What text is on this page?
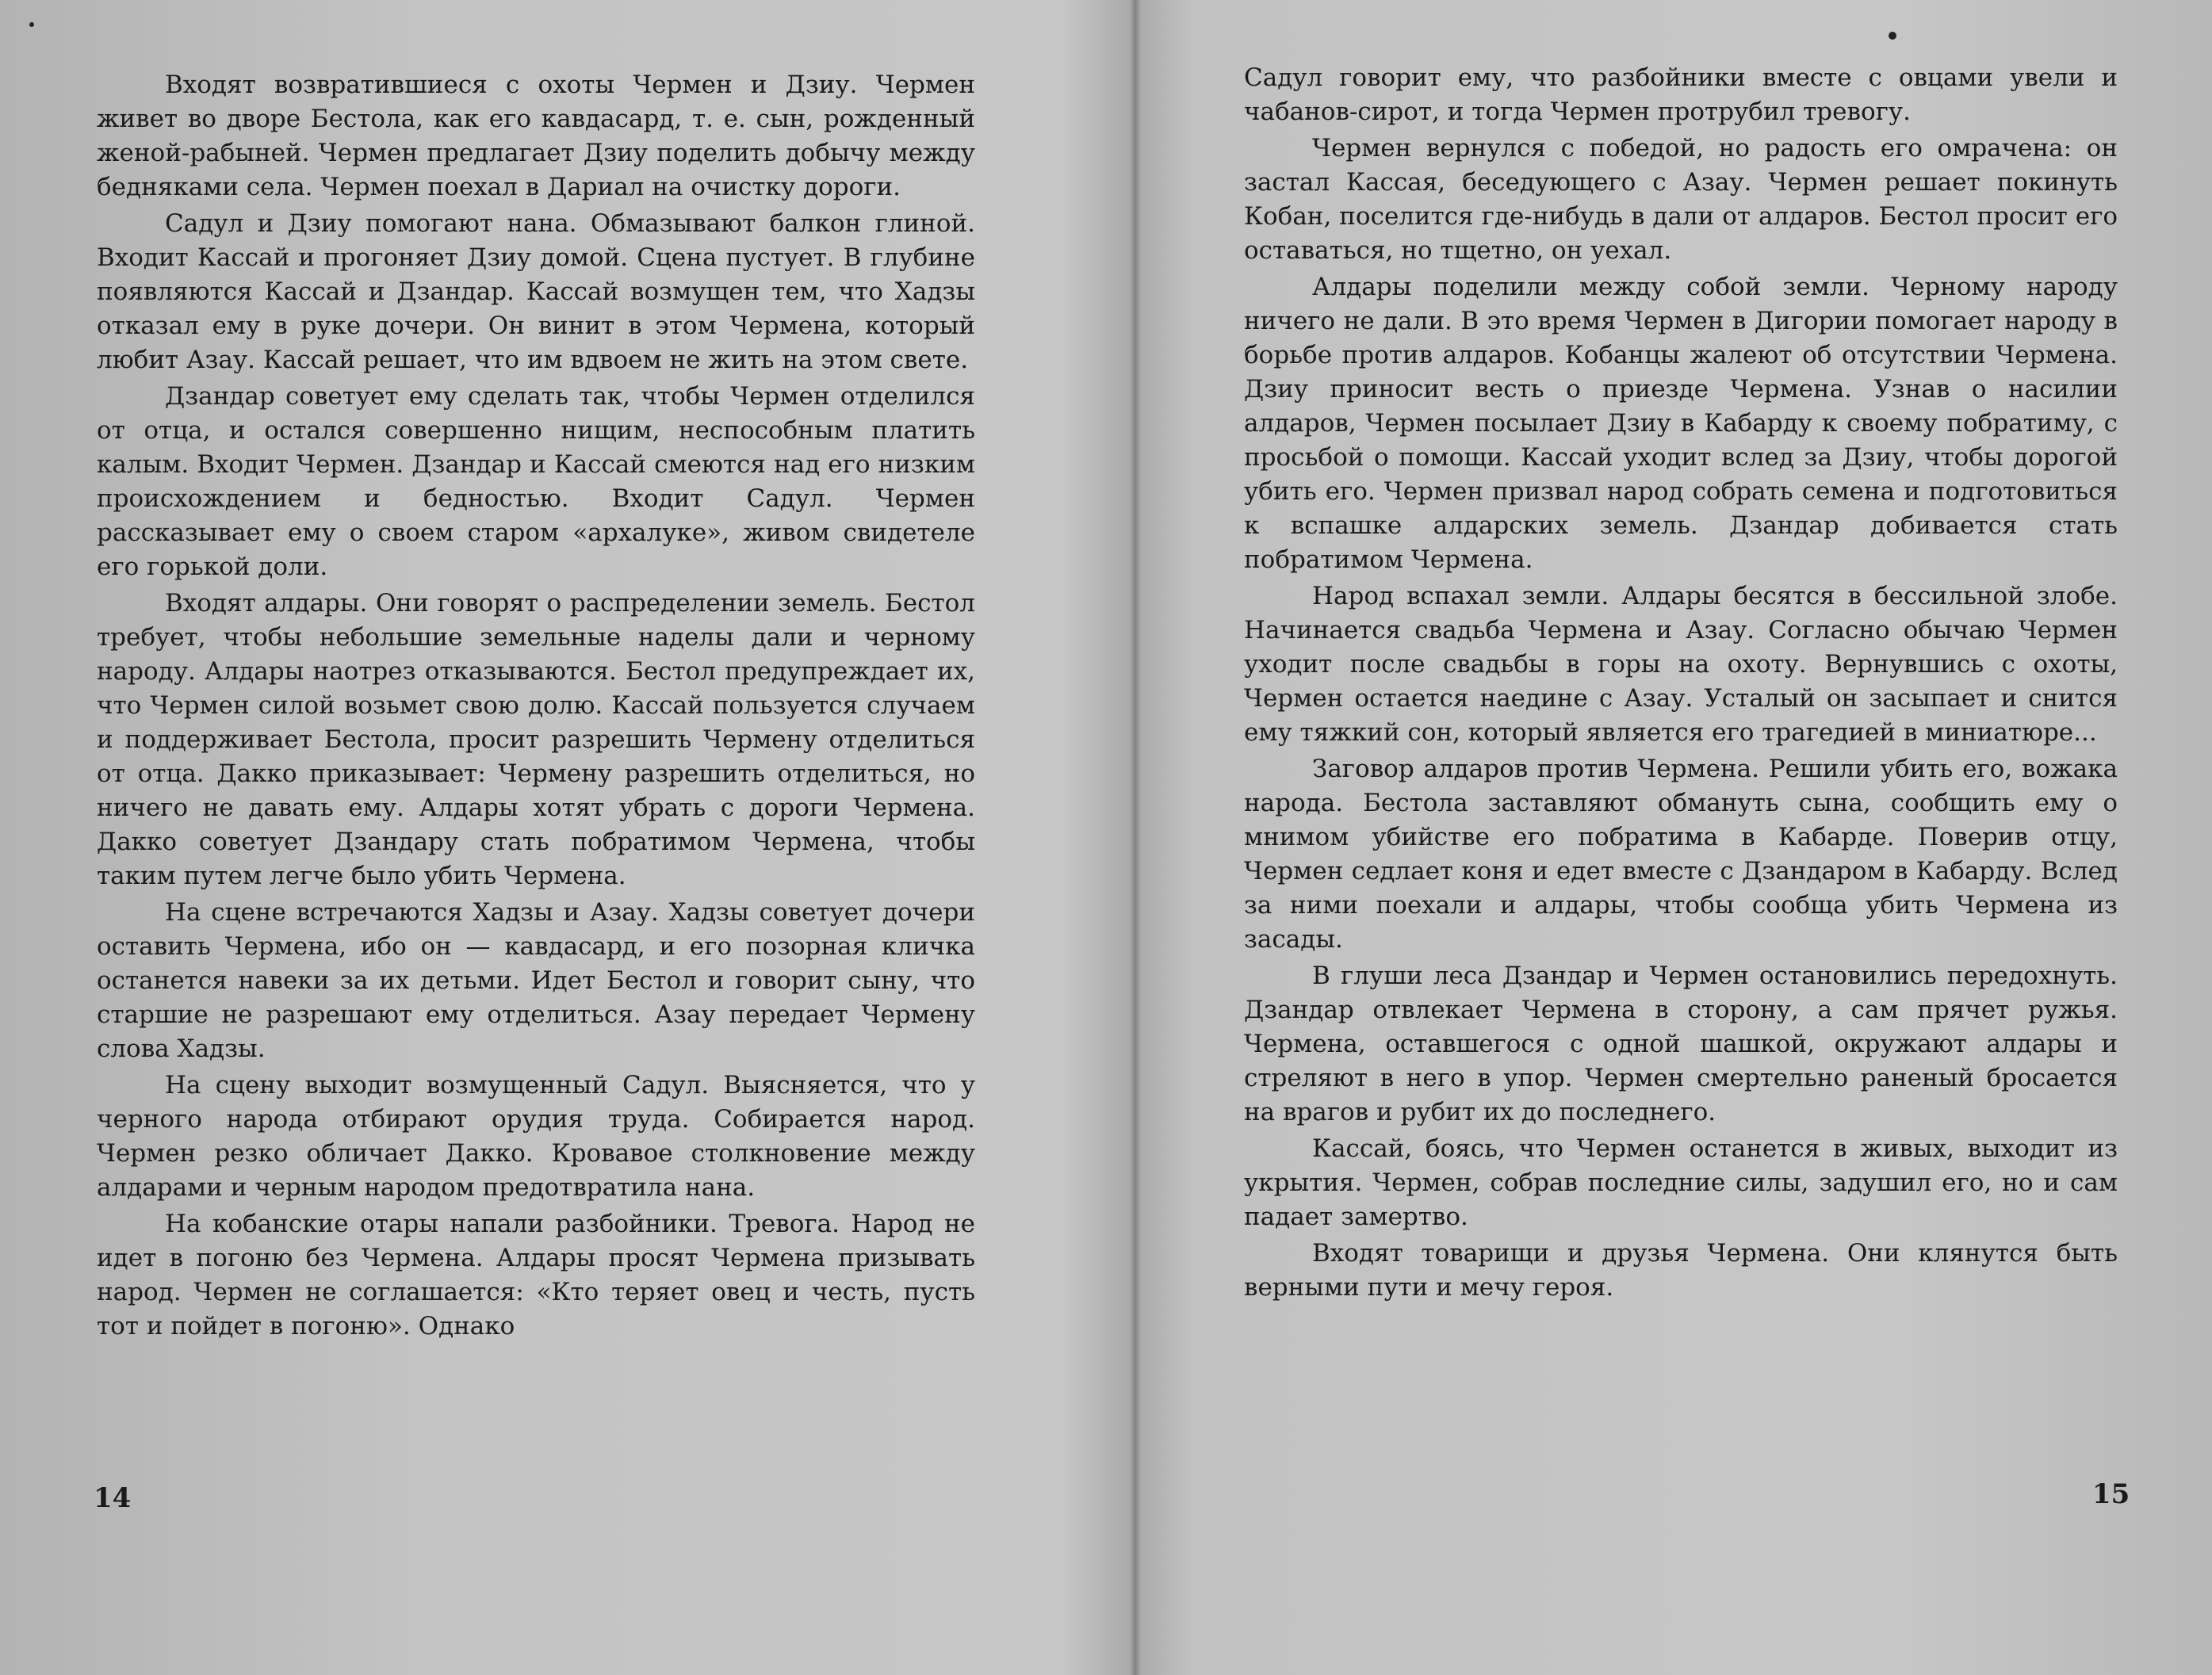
Входят возвратившиеся с охоты Чермен и Дзиу. Чермен живет во дворе Бестола, как его кавдасард, т. е. сын, рожденный женой-рабыней. Чермен предлагает Дзиу поделить добычу между бедняками села. Чермен поехал в Дариал на очистку дороги.

Садул и Дзиу помогают нана. Обмазывают балкон глиной. Входит Кассай и прогоняет Дзиу домой. Сцена пустует. В глубине появляются Кассай и Дзандар. Кассай возмущен тем, что Хадзы отказал ему в руке дочери. Он винит в этом Чермена, который любит Азау. Кассай решает, что им вдвоем не жить на этом свете.

Дзандар советует ему сделать так, чтобы Чермен отделился от отца, и остался совершенно нищим, неспособным платить калым. Входит Чермен. Дзандар и Кассай смеются над его низким происхождением и бедностью. Входит Садул. Чермен рассказывает ему о своем старом «архалуке», живом свидетеле его горькой доли.

Входят алдары. Они говорят о распределении земель. Бестол требует, чтобы небольшие земельные наделы дали и черному народу. Алдары наотрез отказываются. Бестол предупреждает их, что Чермен силой возьмет свою долю. Кассай пользуется случаем и поддерживает Бестола, просит разрешить Чермену отделиться от отца. Дакко приказывает: Чермену разрешить отделиться, но ничего не давать ему. Алдары хотят убрать с дороги Чермена. Дакко советует Дзандару стать побратимом Чермена, чтобы таким путем легче было убить Чермена.

На сцене встречаются Хадзы и Азау. Хадзы советует дочери оставить Чермена, ибо он — кавдасард, и его позорная кличка останется навеки за их детьми. Идет Бестол и говорит сыну, что старшие не разрешают ему отделиться. Азау передает Чермену слова Хадзы.

На сцену выходит возмущенный Садул. Выясняется, что у черного народа отбирают орудия труда. Собирается народ. Чермен резко обличает Дакко. Кровавое столкновение между алдарами и черным народом предотвратила нана.

На кобанские отары напали разбойники. Тревога. Народ не идет в погоню без Чермена. Алдары просят Чермена призывать народ. Чермен не соглашается: «Кто теряет овец и честь, пусть тот и пойдет в погоню». Однако

14

Садул говорит ему, что разбойники вместе с овцами увели и чабанов-сирот, и тогда Чермен протрубил тревогу.

Чермен вернулся с победой, но радость его омрачена: он застал Кассая, беседующего с Азау. Чермен решает покинуть Кобан, поселится где-нибудь в дали от алдаров. Бестол просит его оставаться, но тщетно, он уехал.

Алдары поделили между собой земли. Черному народу ничего не дали. В это время Чермен в Дигории помогает народу в борьбе против алдаров. Кобанцы жалеют об отсутствии Чермена. Дзиу приносит весть о приезде Чермена. Узнав о насилии алдаров, Чермен посылает Дзиу в Кабарду к своему побратиму, с просьбой о помощи. Кассай уходит вслед за Дзиу, чтобы дорогой убить его. Чермен призвал народ собрать семена и подготовиться к вспашке алдарских земель. Дзандар добивается стать побратимом Чермена.

Народ вспахал земли. Алдары бесятся в бессильной злобе. Начинается свадьба Чермена и Азау. Согласно обычаю Чермен уходит после свадьбы в горы на охоту. Вернувшись с охоты, Чермен остается наедине с Азау. Усталый он засыпает и снится ему тяжкий сон, который является его трагедией в миниатюре...

Заговор алдаров против Чермена. Решили убить его, вожака народа. Бестола заставляют обмануть сына, сообщить ему о мнимом убийстве его побратима в Кабарде. Поверив отцу, Чермен седлает коня и едет вместе с Дзандаром в Кабарду. Вслед за ними поехали и алдары, чтобы сообща убить Чермена из засады.

В глуши леса Дзандар и Чермен остановились передохнуть. Дзандар отвлекает Чермена в сторону, а сам прячет ружья. Чермена, оставшегося с одной шашкой, окружают алдары и стреляют в него в упор. Чермен смертельно раненый бросается на врагов и рубит их до последнего.

Кассай, боясь, что Чермен останется в живых, выходит из укрытия. Чермен, собрав последние силы, задушил его, но и сам падает замертво.

Входят товарищи и друзья Чермена. Они клянутся быть верными пути и мечу героя.

15
